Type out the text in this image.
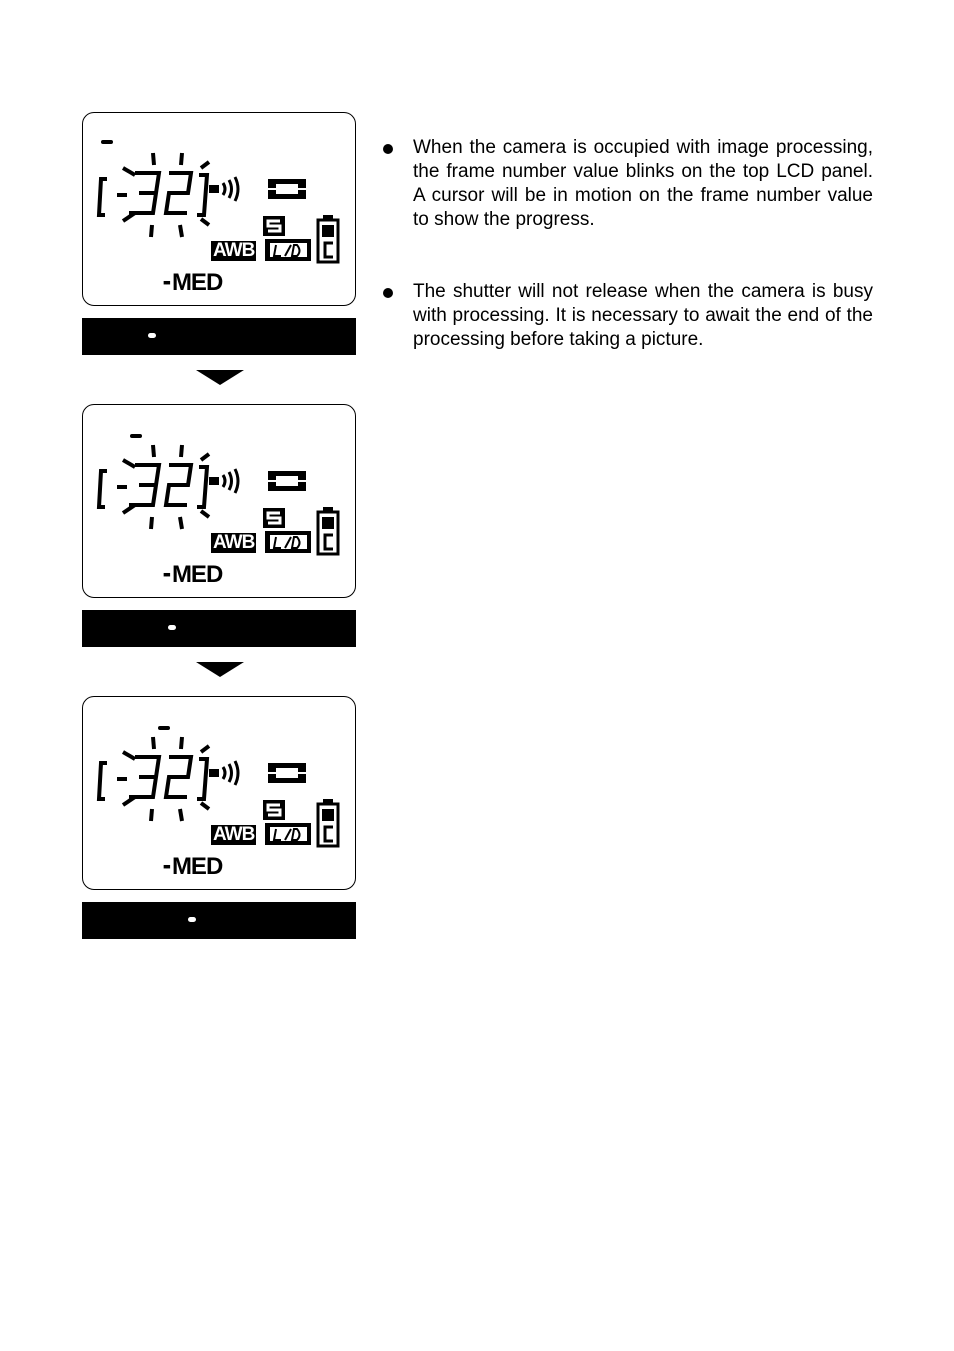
AWB
▪▪ MED
AWB
▪▪ MED
AWB
▪▪ MED

When the camera is occupied with image processing, the frame number value blinks on the top LCD panel. A cursor will be in motion on the frame number value to show the progress.

The shutter will not release when the camera is busy with processing. It is necessary to await the end of the processing before taking a picture.
